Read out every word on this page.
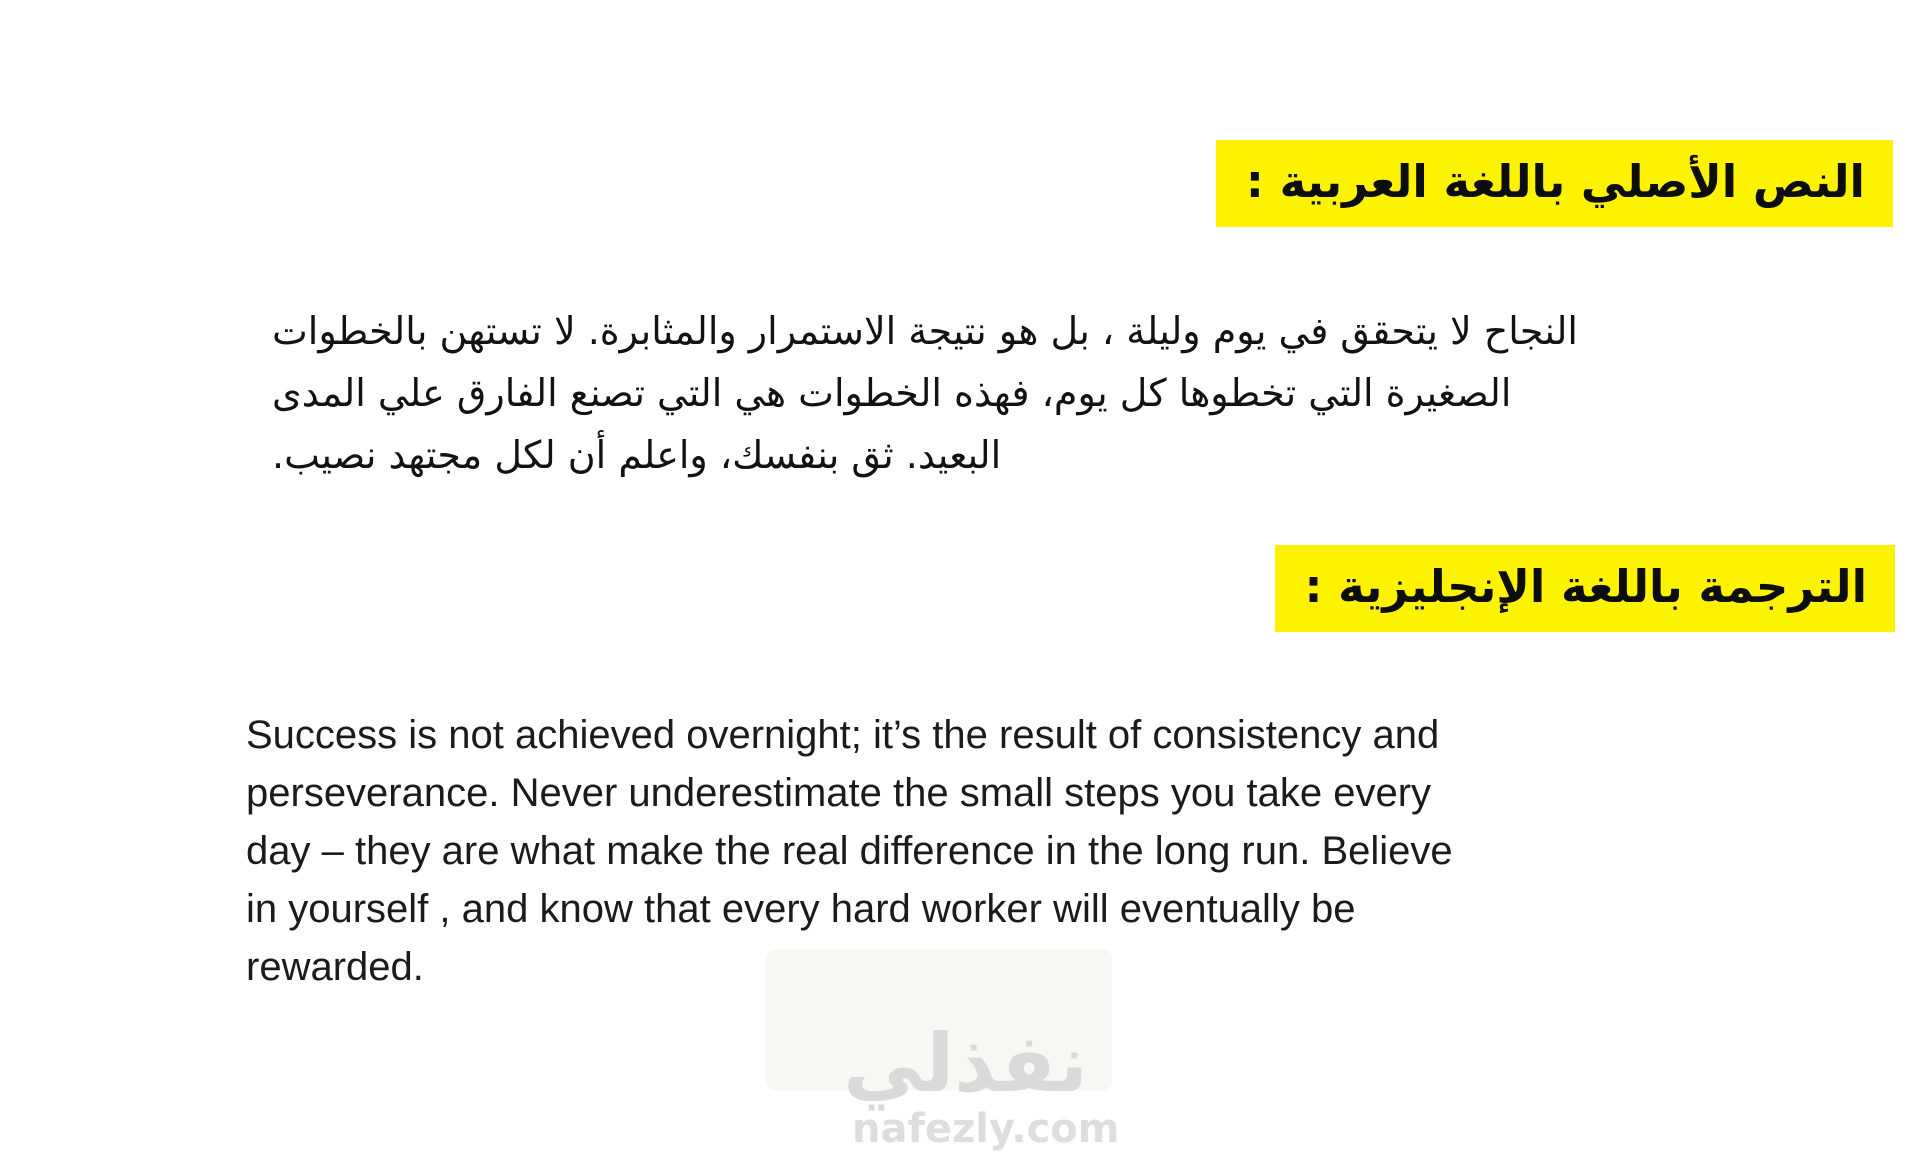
النص الأصلي باللغة العربية :
النجاح لا يتحقق في يوم وليلة ، بل هو نتيجة الاستمرار والمثابرة. لا تستهن بالخطوات
الصغيرة التي تخطوها كل يوم، فهذه الخطوات هي التي تصنع الفارق علي المدى
البعيد. ثق بنفسك، واعلم أن لكل مجتهد نصيب.
الترجمة باللغة الإنجليزية :
Success is not achieved overnight; it’s the result of consistency and
perseverance. Never underestimate the small steps you take every
day – they are what make the real difference in the long run. Believe
in yourself , and know that every hard worker will eventually be
rewarded.
نفذلي
nafezly.com
